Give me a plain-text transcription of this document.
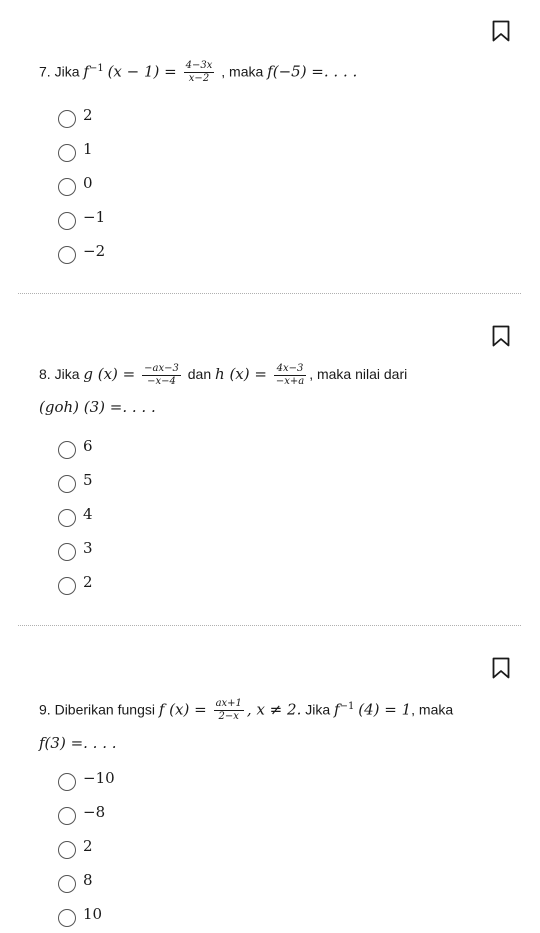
7. Jika $f^{-1}$ $(x - 1) = \frac{4-3x}{x-2}$ , maka f(−5) =. . . .
2
1
0
−1
−2
8. Jika g $(x) = \frac{-ax-3}{-x-4}$ dan h $(x) = \frac{4x-3}{-x+a}$ , maka nilai dari
(goh) (3) =. . . .
6
5
4
3
2
9. Diberikan fungsi f $(x) = \frac{ax+1}{2-x}$ , x ≠ 2. Jika $f^{-1}$ (4) = 1, maka
f(3) =. . . .
−10
−8
2
8
10
